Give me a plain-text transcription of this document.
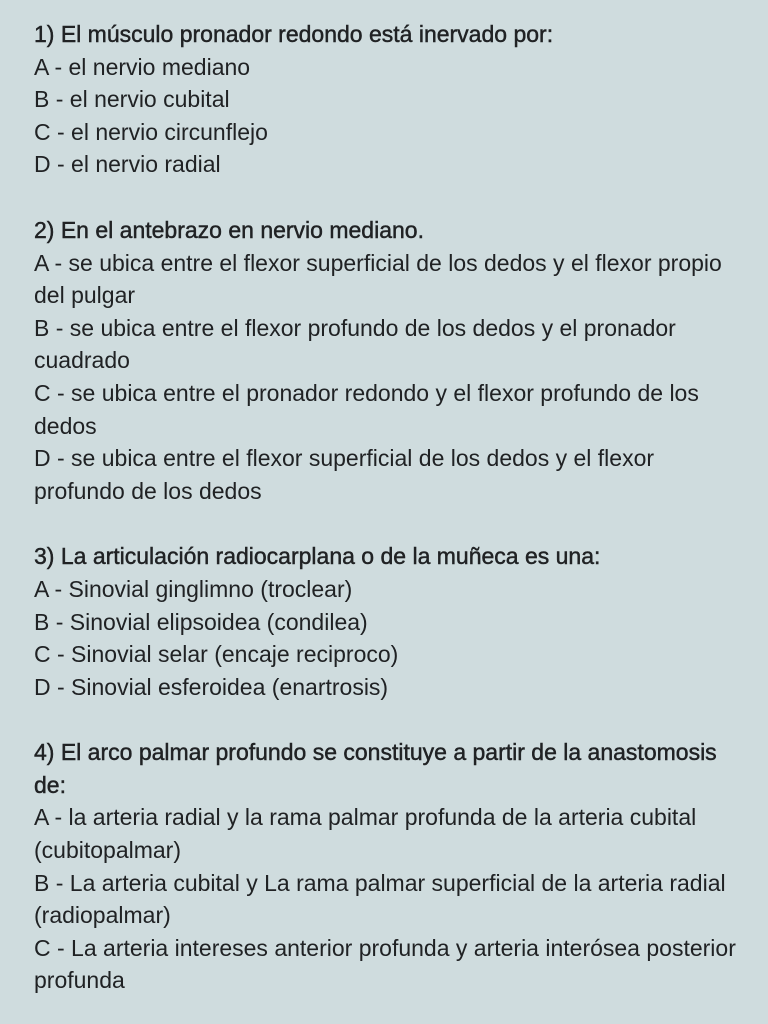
1) El músculo pronador redondo está inervado por:

A - el nervio mediano

B - el nervio cubital

C - el nervio circunflejo

D - el nervio radial

2) En el antebrazo en nervio mediano.

A - se ubica entre el flexor superficial de los dedos y el flexor propio del pulgar

B - se ubica entre el flexor profundo de los dedos y el pronador cuadrado

C - se ubica entre el pronador redondo y el flexor profundo de los dedos

D - se ubica entre el flexor superficial de los dedos y el flexor profundo de los dedos

3) La articulación radiocarplana o de la muñeca es una:

A - Sinovial ginglimno (troclear)

B - Sinovial elipsoidea (condilea)

C - Sinovial selar (encaje reciproco)

D - Sinovial esferoidea (enartrosis)

4) El arco palmar profundo se constituye a partir de la anastomosis de:

A - la arteria radial y la rama palmar profunda de la arteria cubital (cubitopalmar)

B - La arteria cubital y La rama palmar superficial de la arteria radial (radiopalmar)

C - La arteria intereses anterior profunda y arteria interósea posterior profunda
